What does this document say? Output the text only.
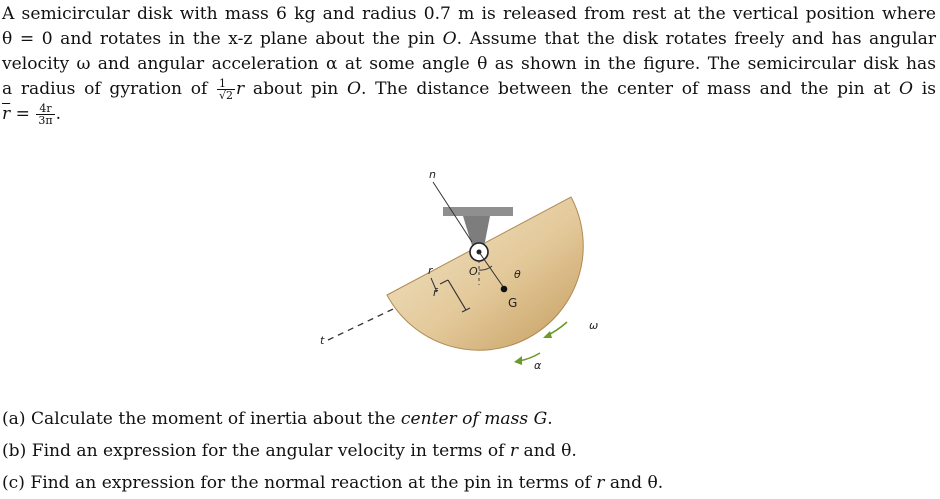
A semicircular disk with mass 6 kg and radius 0.7 m is released from rest at the vertical position where
θ = 0 and rotates in the x-z plane about the pin O. Assume that the disk rotates freely and has angular
velocity ω and angular acceleration α at some angle θ as shown in the figure. The semicircular disk has
a radius of gyration of $\frac{1}{√2}$ r about pin O. The distance between the center of mass and the pin at O is
$\overline{r} = \frac{4r}{3\pi}$ .
n
r
r̄
O	θ
G
ω
α
t
(a) Calculate the moment of inertia about the center of mass G.
(b) Find an expression for the angular velocity in terms of r and θ.
(c) Find an expression for the normal reaction at the pin in terms of r and θ.
